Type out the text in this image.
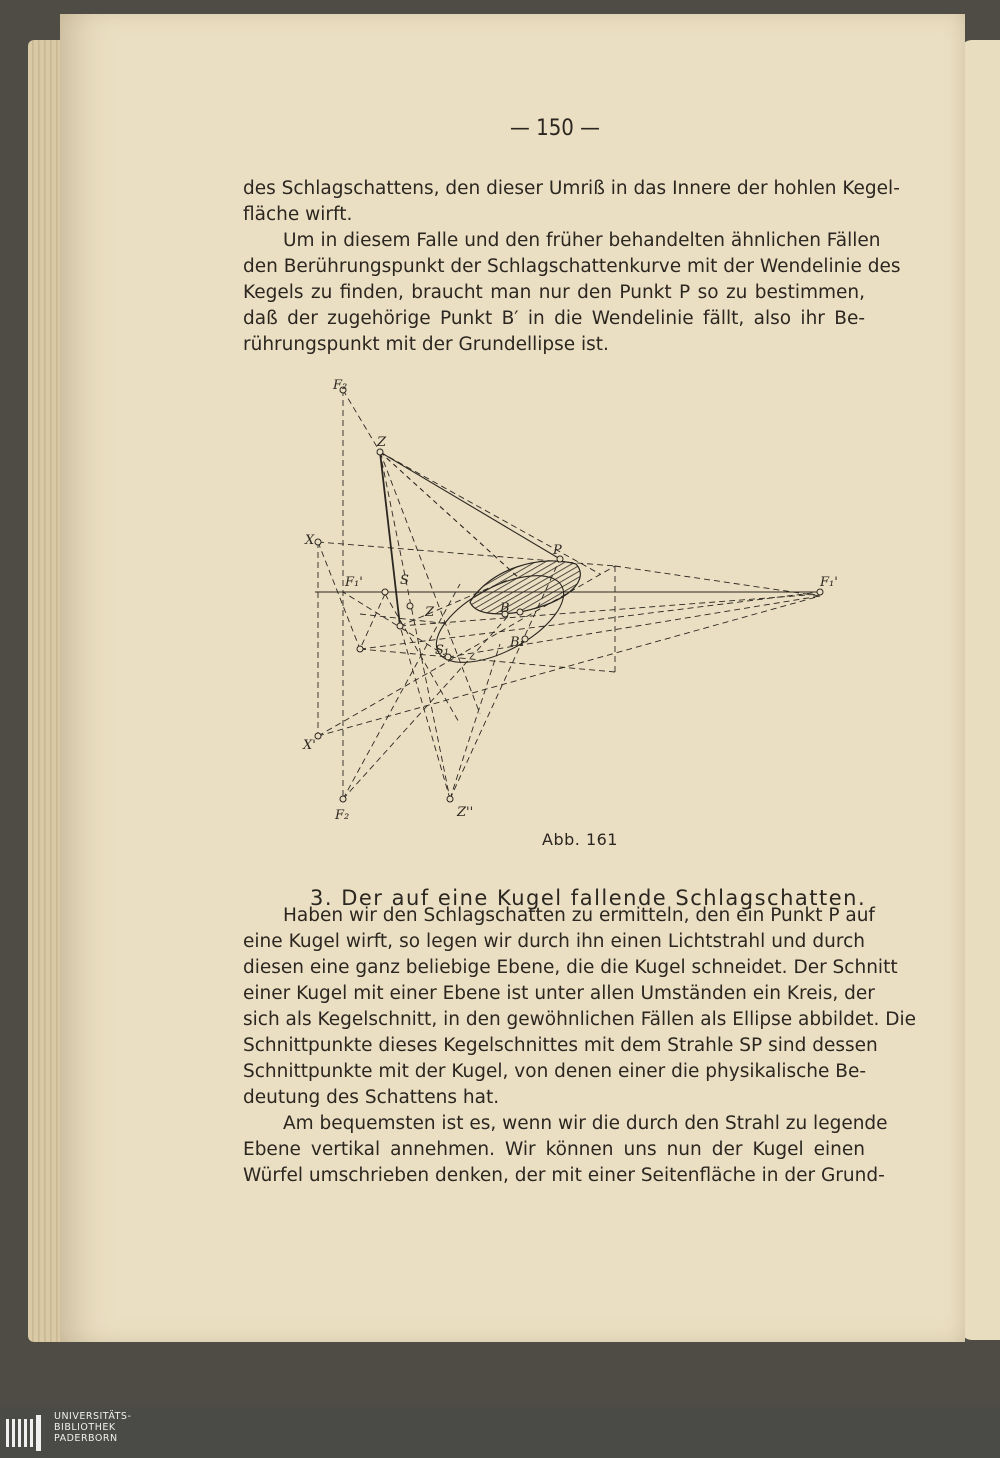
— 150 —

des Schlagschattens, den dieser Umriß in das Innere der hohlen Kegel-
fläche wirft.

Um in diesem Falle und den früher behandelten ähnlichen Fällen
den Berührungspunkt der Schlagschattenkurve mit der Wendelinie des
Kegels zu finden, braucht man nur den Punkt P so zu bestimmen,
daß der zugehörige Punkt B′ in die Wendelinie fällt, also ihr Be-
rührungspunkt mit der Grundellipse ist.

F₂
Z
X
F₁'	S
P
B
B₁
S₁
Z
F₁'
X'
F₂	Z''
Abb. 161
3. Der auf eine Kugel fallende Schlagschatten.

Haben wir den Schlagschatten zu ermitteln, den ein Punkt P auf
eine Kugel wirft, so legen wir durch ihn einen Lichtstrahl und durch
diesen eine ganz beliebige Ebene, die die Kugel schneidet. Der Schnitt
einer Kugel mit einer Ebene ist unter allen Umständen ein Kreis, der
sich als Kegelschnitt, in den gewöhnlichen Fällen als Ellipse abbildet. Die
Schnittpunkte dieses Kegelschnittes mit dem Strahle SP sind dessen
Schnittpunkte mit der Kugel, von denen einer die physikalische Be-
deutung des Schattens hat.

Am bequemsten ist es, wenn wir die durch den Strahl zu legende
Ebene vertikal annehmen. Wir können uns nun der Kugel einen
Würfel umschrieben denken, der mit einer Seitenfläche in der Grund-

UNIVERSITÄTS-
BIBLIOTHEK
PADERBORN
